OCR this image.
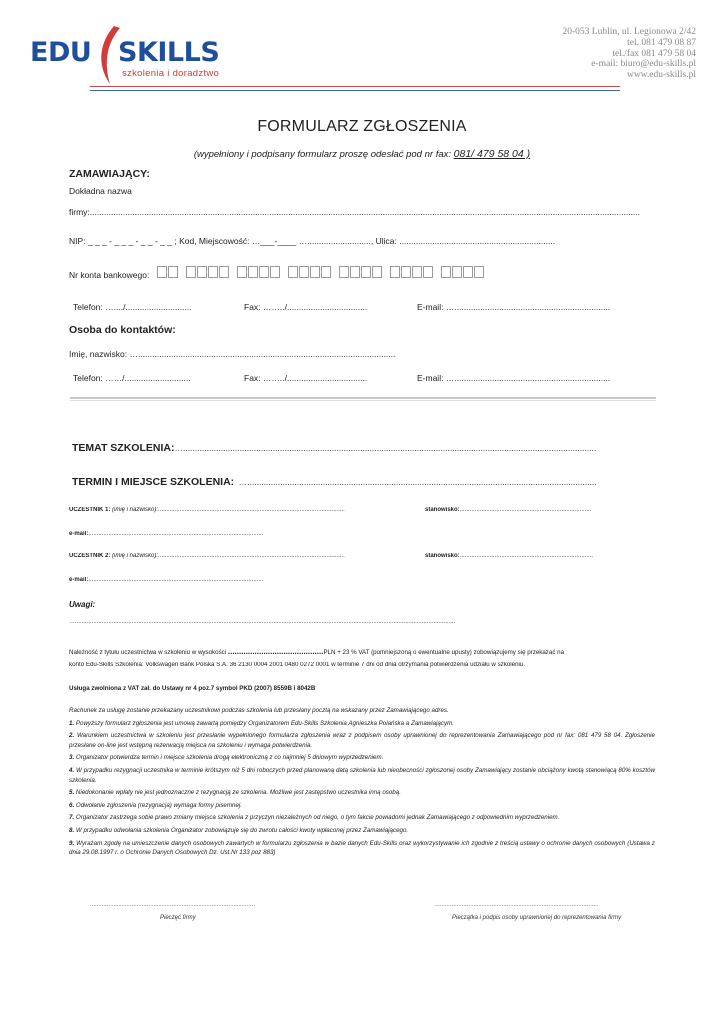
EDU SKILLS
szkolenia i doradztwo
20-053 Lublin, ul. Legionowa 2/42
tel. 081 479 08 87
tel./fax 081 479 58 04
e-mail: biuro@edu-skills.pl
www.edu-skills.pl
FORMULARZ ZGŁOSZENIA
(wypełniony i podpisany formularz proszę odesłać pod nr fax: 081/ 479 58 04 )
ZAMAWIAJĄCY:
Dokładna nazwa
firmy:.........................................................................................................................................................................................................................................
NIP: _ _ _ - _ _ _ - _ _ - _ _ ; Kod, Miejscowość: …___-____ …..........................., Ulica: ..................................................................
Nr konta bankowego:
Telefon: …..../............................	Fax: ……../..................................	E-mail: …..................................................................
Osoba do kontaktów:
Imię, nazwisko: ….............................................................................................................
Telefon: ……/............................	Fax: ……../..................................	E-mail: …..................................................................
TEMAT SZKOLENIA:…...............................................................................................................................................................................
TERMIN I MIEJSCE SZKOLENIA: …....................................................................................................................................................
UCZESTNIK 1: (imię i nazwisko):................................................................................................................	stanowisko:...............................................................................
e-mail:.........................................................................................................
UCZESTNIK 2: (imię i nazwisko):................................................................................................................	stanowisko:................................................................................
e-mail:.........................................................................................................
Uwagi:
…....................................................................................................................................................................................................................................
Należność z tytułu uczestnictwa w szkoleniu w wysokości ...........................................PLN + 23 % VAT (pomniejszoną o ewentualne upusty) zobowiązujemy się przekazać na
konto Edu-Skills Szkolenia: Volkswagen Bank Polska S.A. 36 2130 0004 2001 0480 0272 0001 w terminie 7 dni od dnia otrzymania potwierdzenia udziału w szkoleniu.
Usługa zwolniona z VAT zał. do Ustawy nr 4 poz.7 symbol PKD (2007) 8559B i 8042B

Rachunek za usługę zostanie przekazany uczestnikowi podczas szkolenia lub przesłany pocztą na wskazany przez Zamawiającego adres.

1. Powyższy formularz zgłoszenia jest umową zawartą pomiędzy Organizatorem Edu-Skills Szkolenia Agnieszka Polańska a Zamawiającym.

2. Warunkiem uczestnictwa w szkoleniu jest przesłanie wypełnionego formularza zgłoszenia wraz z podpisem osoby uprawnionej do reprezentowania Zamawiającego pod nr fax: 081 479 58 04. Zgłoszenie przesłane on-line jest wstępną rezerwacją miejsca na szkoleniu i wymaga potwierdzenia.

3. Organizator potwierdza termin i miejsce szkolenia drogą elektroniczną z co najmniej 5 dniowym wyprzedzeniem.

4. W przypadku rezygnacji uczestnika w terminie krótszym niż 5 dni roboczych przed planowaną datą szkolenia lub nieobecności zgłoszonej osoby Zamawiający zostanie obciążony kwotą stanowiącą 80% kosztów szkolenia.

5. Niedokonanie wpłaty nie jest jednoznaczne z rezygnacją ze szkolenia. Możliwe jest zastępstwo uczestnika inną osobą.

6. Odwołanie zgłoszenia (rezygnacja) wymaga formy pisemnej.

7. Organizator zastrzega sobie prawo zmiany miejsca szkolenia z przyczyn niezależnych od niego, o tym fakcie powiadomi jednak Zamawiającego z odpowiednim wyprzedzeniem.

8. W przypadku odwołania szkolenia Organizator zobowiązuje się do zwrotu całości kwoty wpłaconej przez Zamawiającego.

9. Wyrażam zgodę na umieszczenie danych osobowych zawartych w formularzu zgłoszenia w bazie danych Edu-Skills oraz wykorzystywanie ich zgodnie z treścią ustawy o ochronie danych osobowych (Ustawa z dnia 29.08.1997 r. o Ochronie Danych Osobowych Dz. Ust.Nr 133 poz 883)

...................................................................................................
Pieczęć firmy
…...............................................................................................
Pieczątka i podpis osoby uprawnionej do reprezentowania firmy
